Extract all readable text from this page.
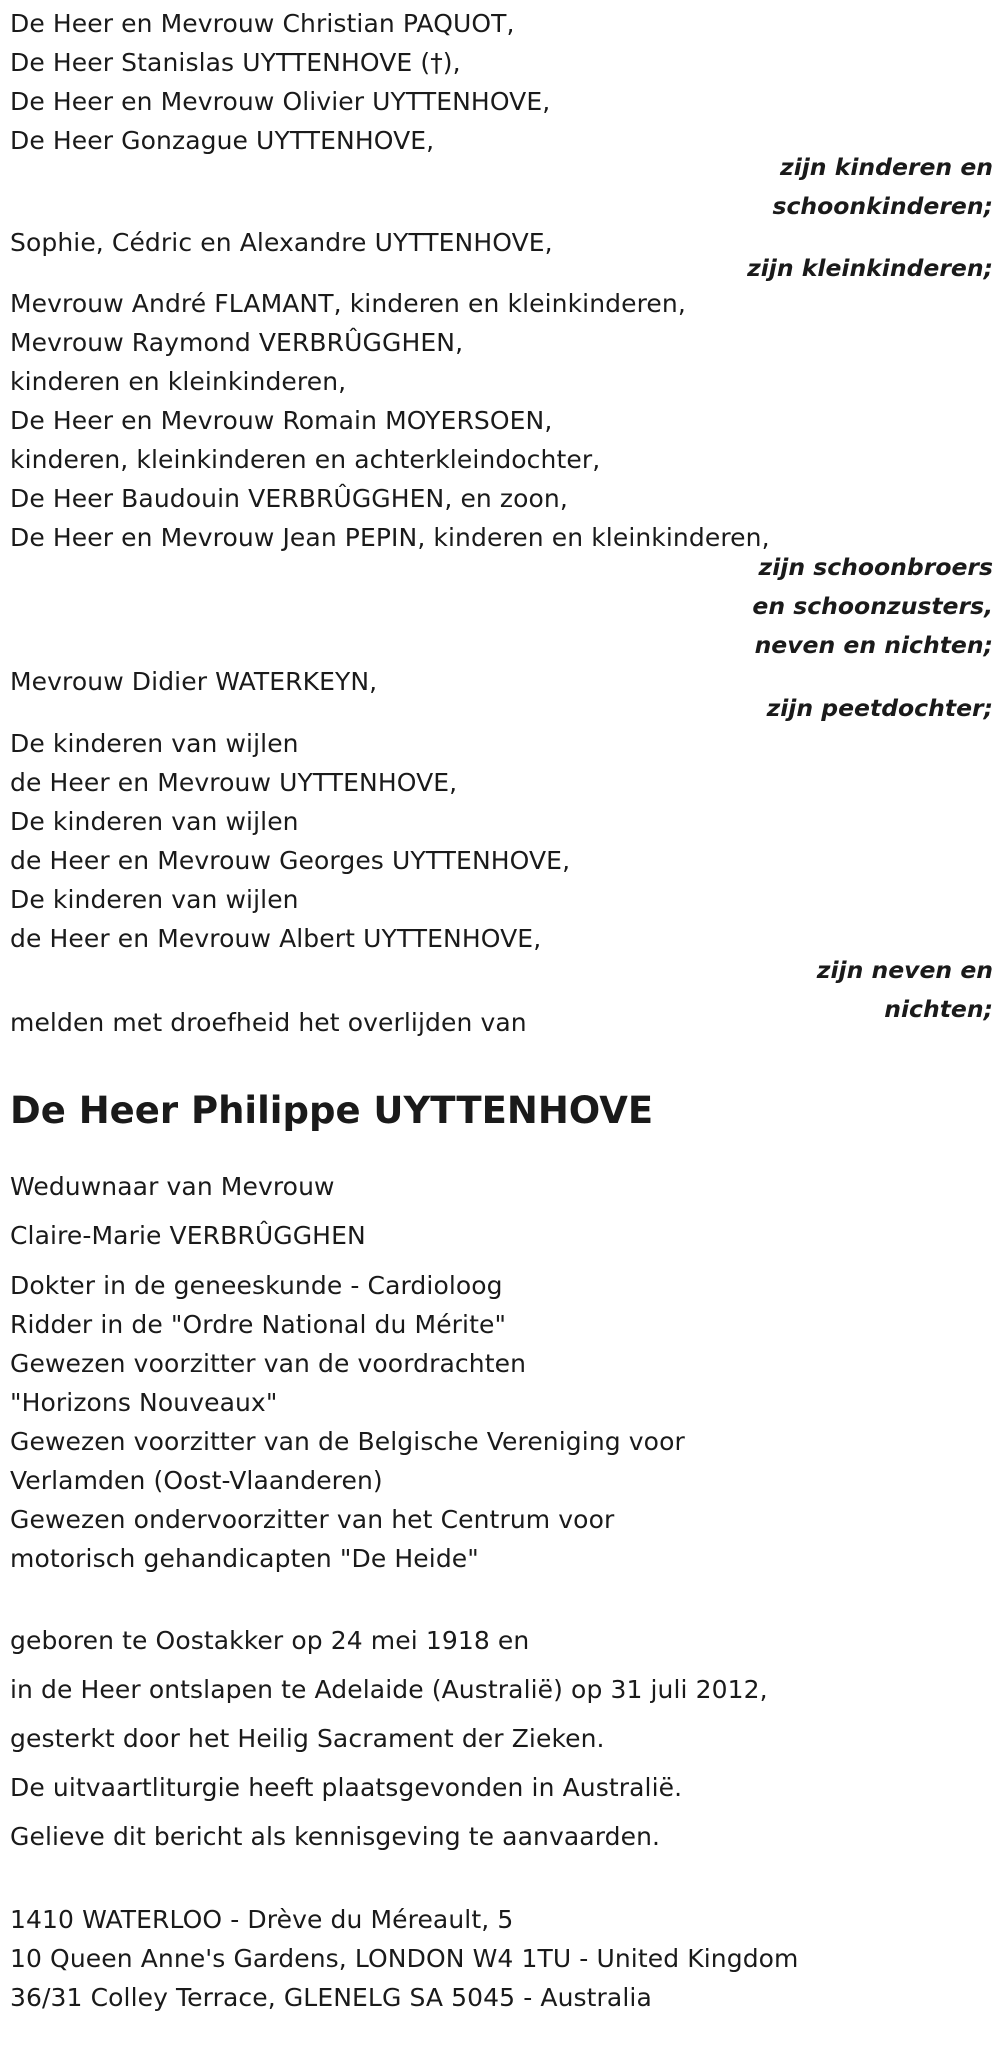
De Heer en Mevrouw Christian PAQUOT,
De Heer Stanislas UYTTENHOVE (†),
De Heer en Mevrouw Olivier UYTTENHOVE,
De Heer Gonzague UYTTENHOVE,
zijn kinderen en
schoonkinderen;
Sophie, Cédric en Alexandre UYTTENHOVE,
zijn kleinkinderen;
Mevrouw André FLAMANT, kinderen en kleinkinderen,
Mevrouw Raymond VERBRÛGGHEN,
kinderen en kleinkinderen,
De Heer en Mevrouw Romain MOYERSOEN,
kinderen, kleinkinderen en achterkleindochter,
De Heer Baudouin VERBRÛGGHEN, en zoon,
De Heer en Mevrouw Jean PEPIN, kinderen en kleinkinderen,
zijn schoonbroers
en schoonzusters,
neven en nichten;
Mevrouw Didier WATERKEYN,
zijn peetdochter;
De kinderen van wijlen
de Heer en Mevrouw UYTTENHOVE,
De kinderen van wijlen
de Heer en Mevrouw Georges UYTTENHOVE,
De kinderen van wijlen
de Heer en Mevrouw Albert UYTTENHOVE,
zijn neven en
nichten;
melden met droefheid het overlijden van
De Heer Philippe UYTTENHOVE
Weduwnaar van Mevrouw
Claire-Marie VERBRÛGGHEN
Dokter in de geneeskunde - Cardioloog
Ridder in de "Ordre National du Mérite"
Gewezen voorzitter van de voordrachten
"Horizons Nouveaux"
Gewezen voorzitter van de Belgische Vereniging voor
Verlamden (Oost-Vlaanderen)
Gewezen ondervoorzitter van het Centrum voor
motorisch gehandicapten "De Heide"
geboren te Oostakker op 24 mei 1918 en
in de Heer ontslapen te Adelaide (Australië) op 31 juli 2012,
gesterkt door het Heilig Sacrament der Zieken.
De uitvaartliturgie heeft plaatsgevonden in Australië.
Gelieve dit bericht als kennisgeving te aanvaarden.
1410 WATERLOO - Drève du Méreault, 5
10 Queen Anne's Gardens, LONDON W4 1TU - United Kingdom
36/31 Colley Terrace, GLENELG SA 5045 - Australia
